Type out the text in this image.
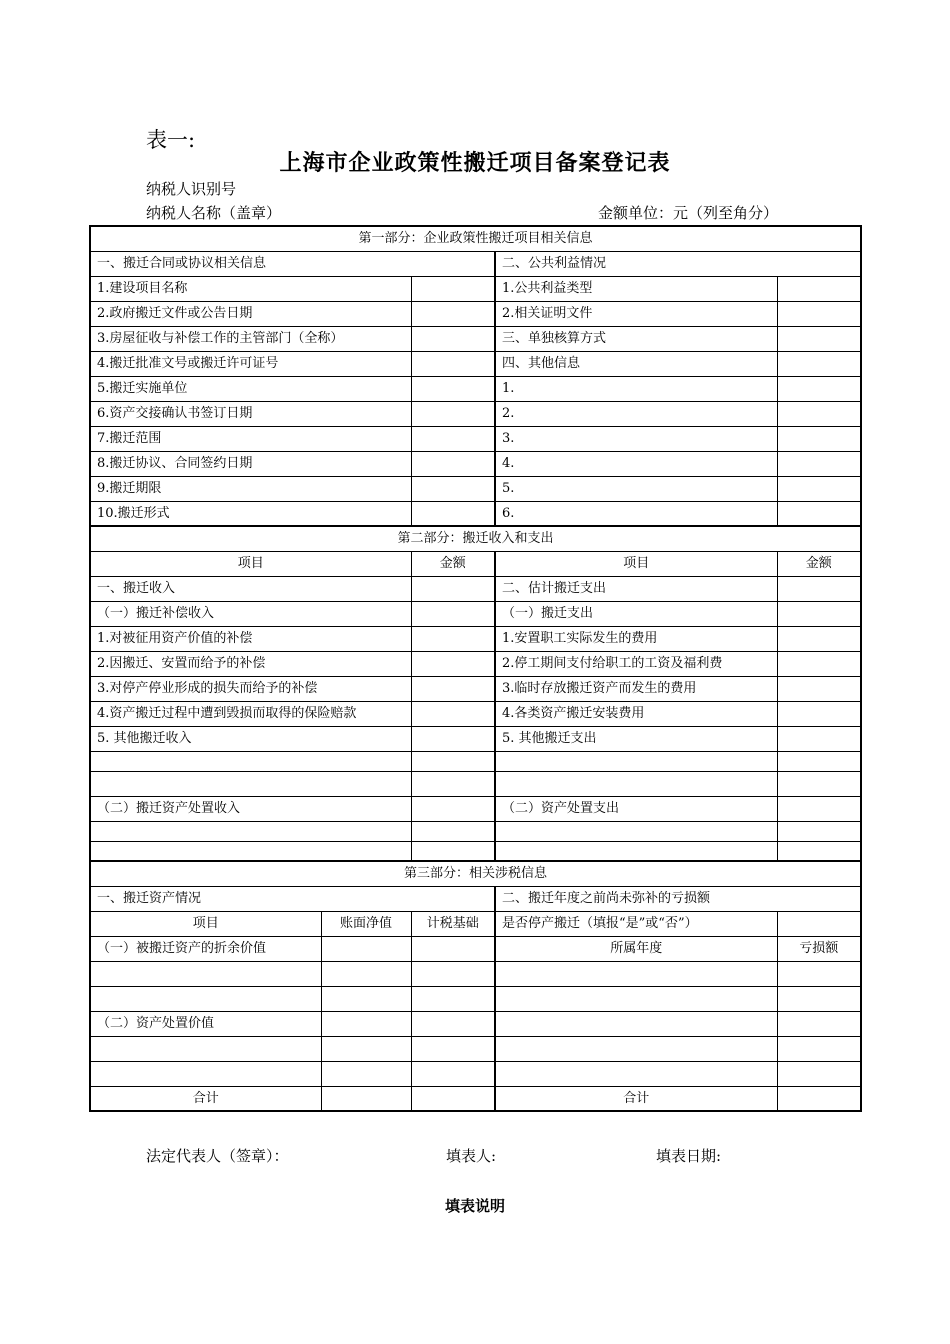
表一:
上海市企业政策性搬迁项目备案登记表
纳税人识别号
纳税人名称（盖章）	金额单位：元（列至角分）
第一部分：企业政策性搬迁项目相关信息				
一、搬迁合同或协议相关信息			二、公共利益情况	
1.建设项目名称			1.公共利益类型	
2.政府搬迁文件或公告日期			2.相关证明文件	
3.房屋征收与补偿工作的主管部门（全称）			三、单独核算方式	
4.搬迁批准文号或搬迁许可证号			四、其他信息	
5.搬迁实施单位			1.	
6.资产交接确认书签订日期			2.	
7.搬迁范围			3.	
8.搬迁协议、合同签约日期			4.	
9.搬迁期限			5.	
10.搬迁形式			6.	
第二部分：搬迁收入和支出				
项目		金额	项目	金额
一、搬迁收入			二、估计搬迁支出	
（一）搬迁补偿收入			（一）搬迁支出	
1.对被征用资产价值的补偿			1.安置职工实际发生的费用	
2.因搬迁、安置而给予的补偿			2.停工期间支付给职工的工资及福利费	
3.对停产停业形成的损失而给予的补偿			3.临时存放搬迁资产而发生的费用	
4.资产搬迁过程中遭到毁损而取得的保险赔款			4.各类资产搬迁安装费用	
5. 其他搬迁收入			5. 其他搬迁支出	

（二）搬迁资产处置收入			（二）资产处置支出	

第三部分：相关涉税信息				
一、搬迁资产情况			二、搬迁年度之前尚未弥补的亏损额	
项目	账面净值	计税基础	是否停产搬迁（填报“是”或“否”）	
（一）被搬迁资产的折余价值			所属年度	亏损额

（二）资产处置价值				

合计			合计	
法定代表人（签章）：	填表人:	填表日期:
填表说明
